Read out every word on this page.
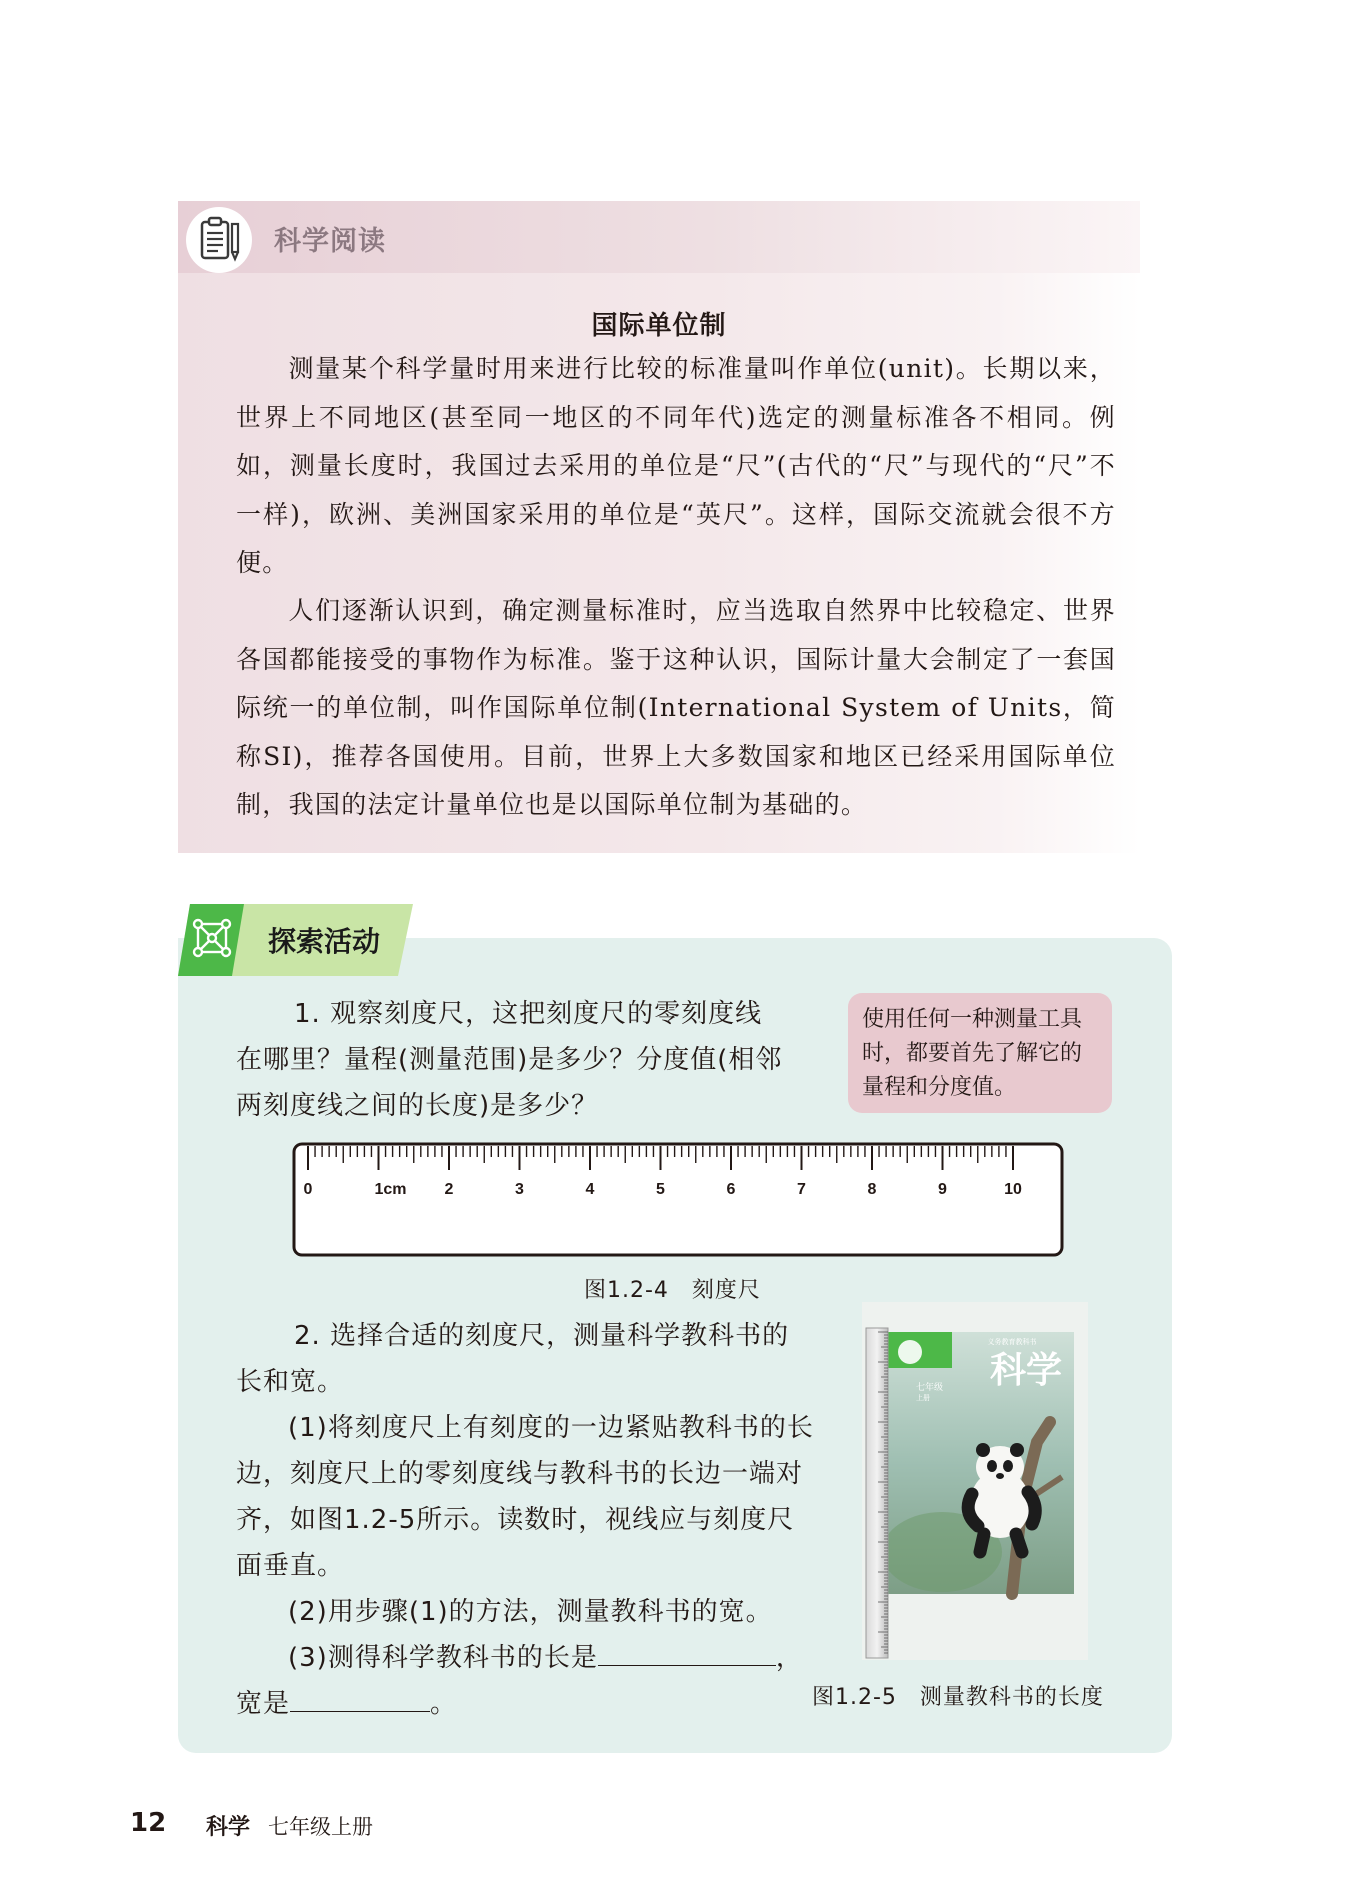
科学阅读
国际单位制

测量某个科学量时用来进行比较的标准量叫作单位(unit)。长期以来，世界上不同地区(甚至同一地区的不同年代)选定的测量标准各不相同。例如，测量长度时，我国过去采用的单位是“尺”(古代的“尺”与现代的“尺”不一样)，欧洲、美洲国家采用的单位是“英尺”。这样，国际交流就会很不方便。

人们逐渐认识到，确定测量标准时，应当选取自然界中比较稳定、世界各国都能接受的事物作为标准。鉴于这种认识，国际计量大会制定了一套国际统一的单位制，叫作国际单位制(International System of Units，简称SI)，推荐各国使用。目前，世界上大多数国家和地区已经采用国际单位制，我国的法定计量单位也是以国际单位制为基础的。

探索活动

1. 观察刻度尺，这把刻度尺的零刻度线在哪里？量程(测量范围)是多少？分度值(相邻两刻度线之间的长度)是多少？

使用任何一种测量工具时，都要首先了解它的量程和分度值。
0	1cm 2	3	4	5	6	7	8	9	10
图1.2-4　刻度尺

2. 选择合适的刻度尺，测量科学教科书的长和宽。

(1)将刻度尺上有刻度的一边紧贴教科书的长边，刻度尺上的零刻度线与教科书的长边一端对齐，如图1.2-5所示。读数时，视线应与刻度尺面垂直。

(2)用步骤(1)的方法，测量教科书的宽。

(3)测得科学教科书的长是	，
宽是	。

义务教育教科书
科学
七年级
上册
图1.2-5　测量教科书的长度
12 科学 七年级上册
